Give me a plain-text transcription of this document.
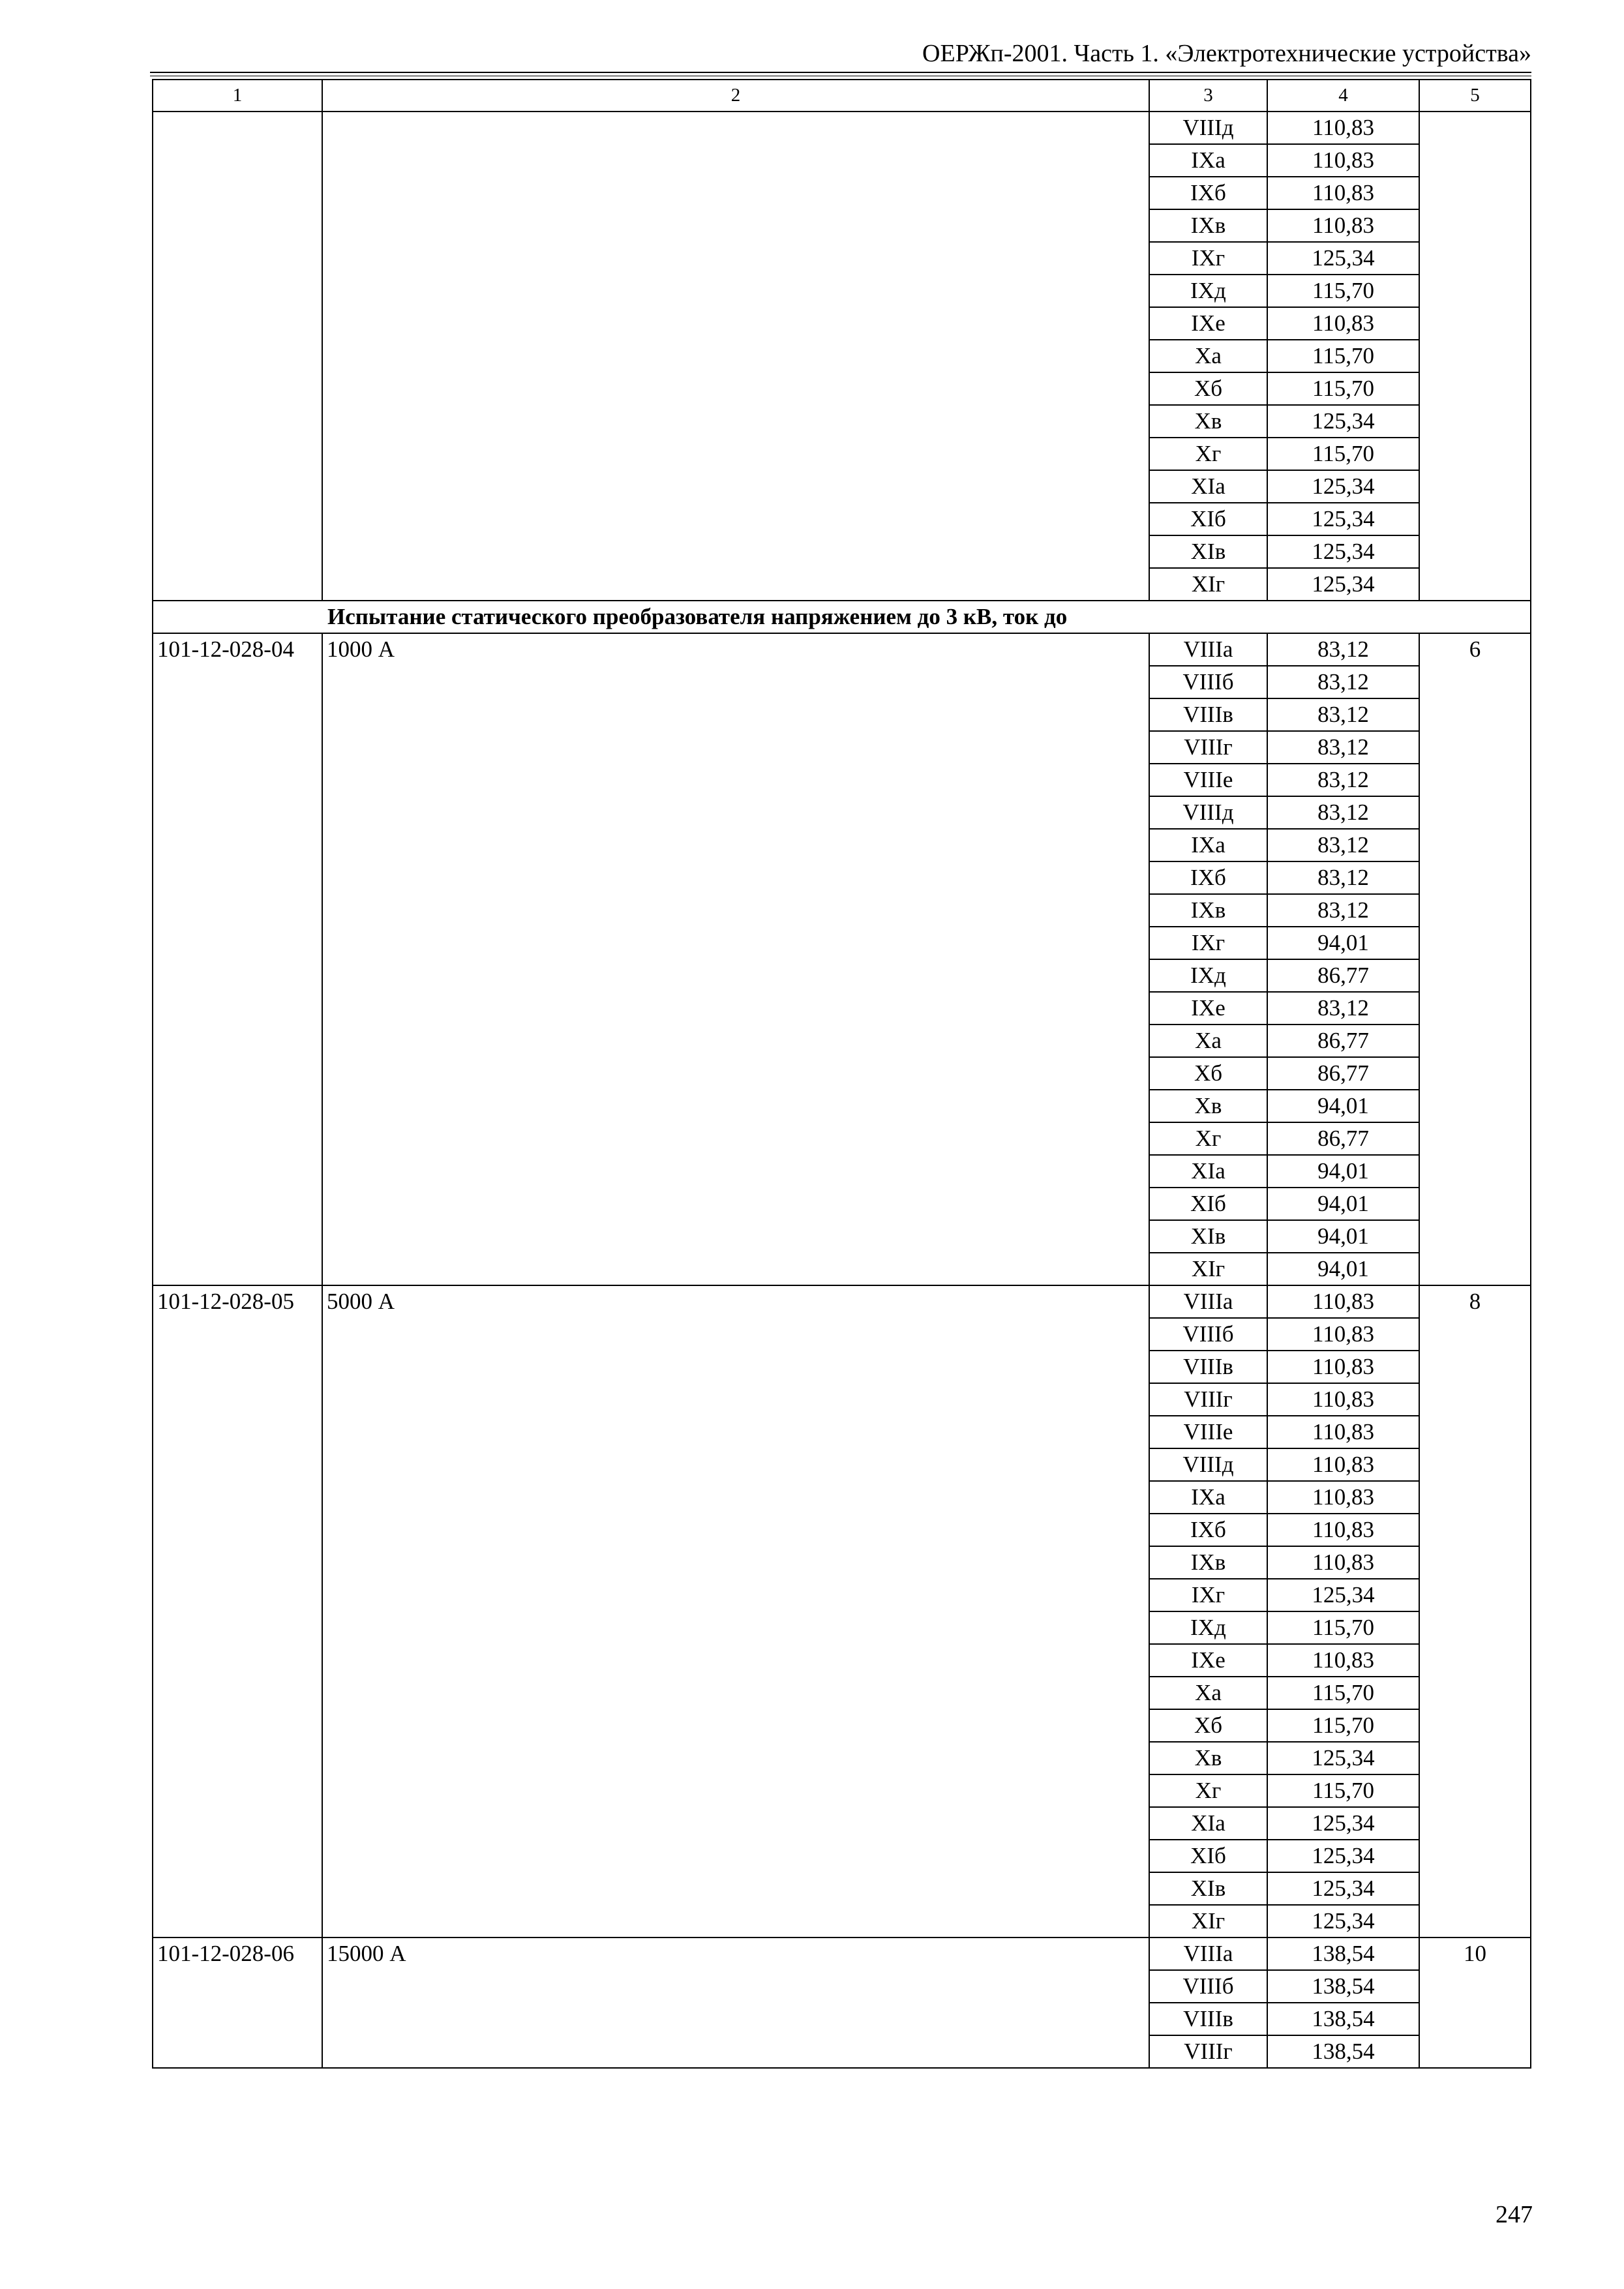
ОЕРЖп-2001. Часть 1. «Электротехнические устройства»
1	2	3	4	5
		VIIIд	110,83	
		IXа	110,83	
		IXб	110,83	
		IXв	110,83	
		IXг	125,34	
		IXд	115,70	
		IXе	110,83	
		Xа	115,70	
		Xб	115,70	
		Xв	125,34	
		Xг	115,70	
		XIа	125,34	
		XIб	125,34	
		XIв	125,34	
		XIг	125,34	
	Испытание статического преобразователя напряжением до 3 кВ, ток до			
101-12-028-04	1000 А	VIIIа	83,12	6
		VIIIб	83,12	
		VIIIв	83,12	
		VIIIг	83,12	
		VIIIе	83,12	
		VIIIд	83,12	
		IXа	83,12	
		IXб	83,12	
		IXв	83,12	
		IXг	94,01	
		IXд	86,77	
		IXе	83,12	
		Xа	86,77	
		Xб	86,77	
		Xв	94,01	
		Xг	86,77	
		XIа	94,01	
		XIб	94,01	
		XIв	94,01	
		XIг	94,01	
101-12-028-05	5000 А	VIIIа	110,83	8
		VIIIб	110,83	
		VIIIв	110,83	
		VIIIг	110,83	
		VIIIе	110,83	
		VIIIд	110,83	
		IXа	110,83	
		IXб	110,83	
		IXв	110,83	
		IXг	125,34	
		IXд	115,70	
		IXе	110,83	
		Xа	115,70	
		Xб	115,70	
		Xв	125,34	
		Xг	115,70	
		XIа	125,34	
		XIб	125,34	
		XIв	125,34	
		XIг	125,34	
101-12-028-06	15000 А	VIIIа	138,54	10
		VIIIб	138,54	
		VIIIв	138,54	
		VIIIг	138,54	
247
